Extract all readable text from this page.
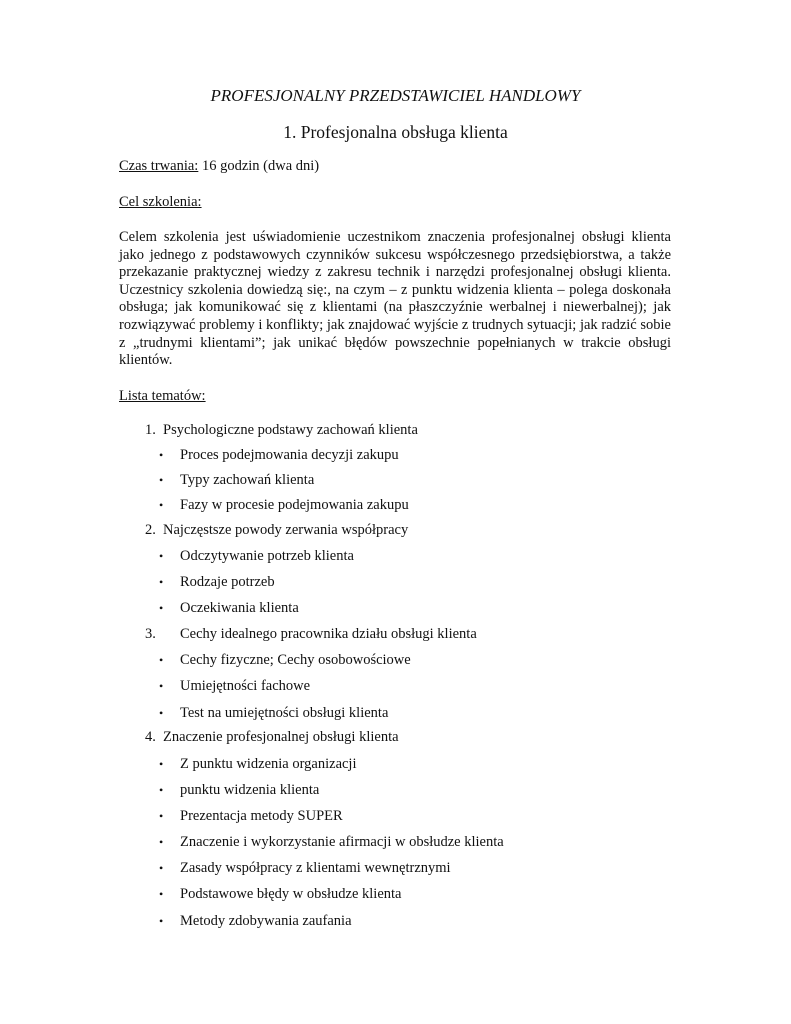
PROFESJONALNY PRZEDSTAWICIEL HANDLOWY
1. Profesjonalna obsługa klienta
Czas trwania: 16 godzin (dwa dni)
Cel szkolenia:

Celem szkolenia jest uświadomienie uczestnikom znaczenia profesjonalnej obsługi klienta jako jednego z podstawowych czynników sukcesu współczesnego przedsiębiorstwa, a także przekazanie praktycznej wiedzy z zakresu technik i narzędzi profesjonalnej obsługi klienta. Uczestnicy szkolenia dowiedzą się:, na czym – z punktu widzenia klienta – polega doskonała obsługa; jak komunikować się z klientami (na płaszczyźnie werbalnej i niewerbalnej); jak rozwiązywać problemy i konflikty; jak znajdować wyjście z trudnych sytuacji; jak radzić sobie z „trudnymi klientami”; jak unikać błędów powszechnie popełnianych w trakcie obsługi klientów.

Lista tematów:
1. Psychologiczne podstawy zachowań klienta
• Proces podejmowania decyzji zakupu
• Typy zachowań klienta
• Fazy w procesie podejmowania zakupu
2. Najczęstsze powody zerwania współpracy
• Odczytywanie potrzeb klienta
• Rodzaje potrzeb
• Oczekiwania klienta
3. Cechy idealnego pracownika działu obsługi klienta
• Cechy fizyczne; Cechy osobowościowe
• Umiejętności fachowe
• Test na umiejętności obsługi klienta
4. Znaczenie profesjonalnej obsługi klienta
• Z punktu widzenia organizacji
• punktu widzenia klienta
• Prezentacja metody SUPER
• Znaczenie i wykorzystanie afirmacji w obsłudze klienta
• Zasady współpracy z klientami wewnętrznymi
• Podstawowe błędy w obsłudze klienta
• Metody zdobywania zaufania
